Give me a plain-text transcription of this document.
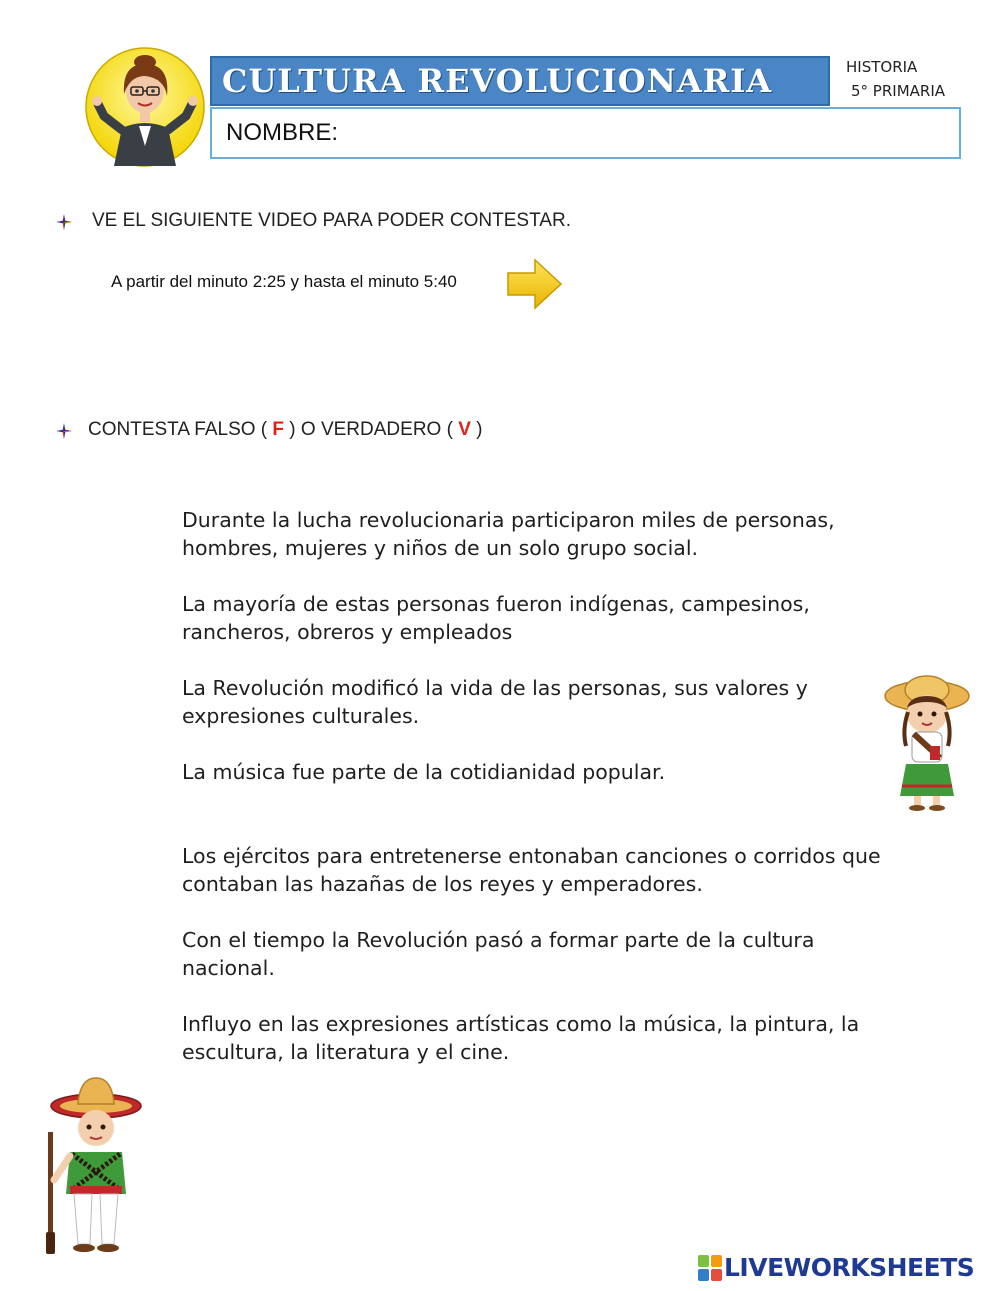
CULTURA REVOLUCIONARIA	HISTORIA
5° PRIMARIA
NOMBRE:
VE EL SIGUIENTE VIDEO PARA PODER CONTESTAR.
A partir del minuto 2:25 y hasta el minuto 5:40
CONTESTA FALSO ( F ) O VERDADERO ( V )
Durante la lucha revolucionaria participaron miles de personas, hombres, mujeres y niños de un solo grupo social.
La mayoría de estas personas fueron indígenas, campesinos, rancheros, obreros y empleados
La Revolución modificó la vida de las personas, sus valores y expresiones culturales.
La música fue parte de la cotidianidad popular.
Los ejércitos para entretenerse entonaban canciones o corridos que contaban las hazañas de los reyes y emperadores.
Con el tiempo la Revolución pasó a formar parte de la cultura nacional.
Influyo en las expresiones artísticas como la música, la pintura, la escultura, la literatura y el cine.
LIVEWORKSHEETS
